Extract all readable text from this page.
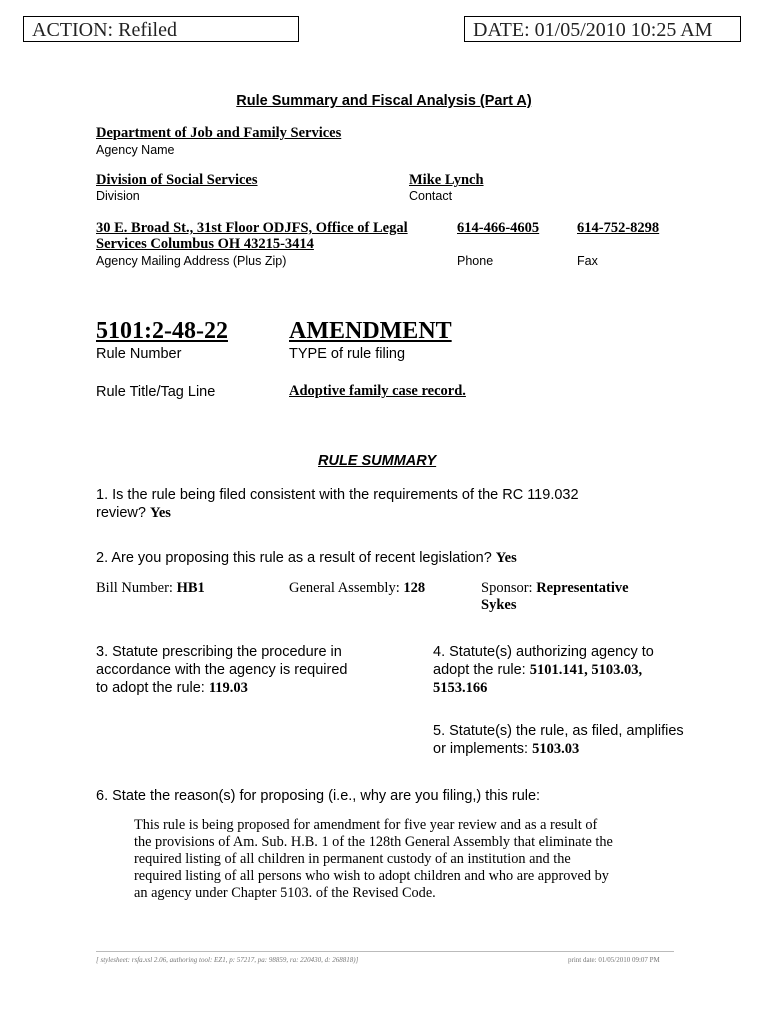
ACTION: Refiled	DATE: 01/05/2010 10:25 AM
Rule Summary and Fiscal Analysis (Part A)
Department of Job and Family Services
Agency Name
Division of Social Services
Division
Mike Lynch
Contact
30 E. Broad St., 31st Floor ODJFS, Office of Legal
Services Columbus OH 43215-3414
Agency Mailing Address (Plus Zip)
614-466-4605
Phone
614-752-8298
Fax
5101:2-48-22
Rule Number
AMENDMENT
TYPE of rule filing
Rule Title/Tag Line	Adoptive family case record.
RULE SUMMARY
1. Is the rule being filed consistent with the requirements of the RC 119.032
review? Yes
2. Are you proposing this rule as a result of recent legislation? Yes
Bill Number: HB1	General Assembly: 128	Sponsor: Representative
Sykes
3. Statute prescribing the procedure in
accordance with the agency is required
to adopt the rule: 119.03
4. Statute(s) authorizing agency to
adopt the rule: 5101.141, 5103.03,
5153.166
5. Statute(s) the rule, as filed, amplifies
or implements: 5103.03
6. State the reason(s) for proposing (i.e., why are you filing,) this rule:
This rule is being proposed for amendment for five year review and as a result of
the provisions of Am. Sub. H.B. 1 of the 128th General Assembly that eliminate the
required listing of all children in permanent custody of an institution and the
required listing of all persons who wish to adopt children and who are approved by
an agency under Chapter 5103. of the Revised Code.
[ stylesheet: rsfa.xsl 2.06, authoring tool: EZ1, p: 57217, pa: 98859, ra: 220430, d: 268818)]	print date: 01/05/2010 09:07 PM
